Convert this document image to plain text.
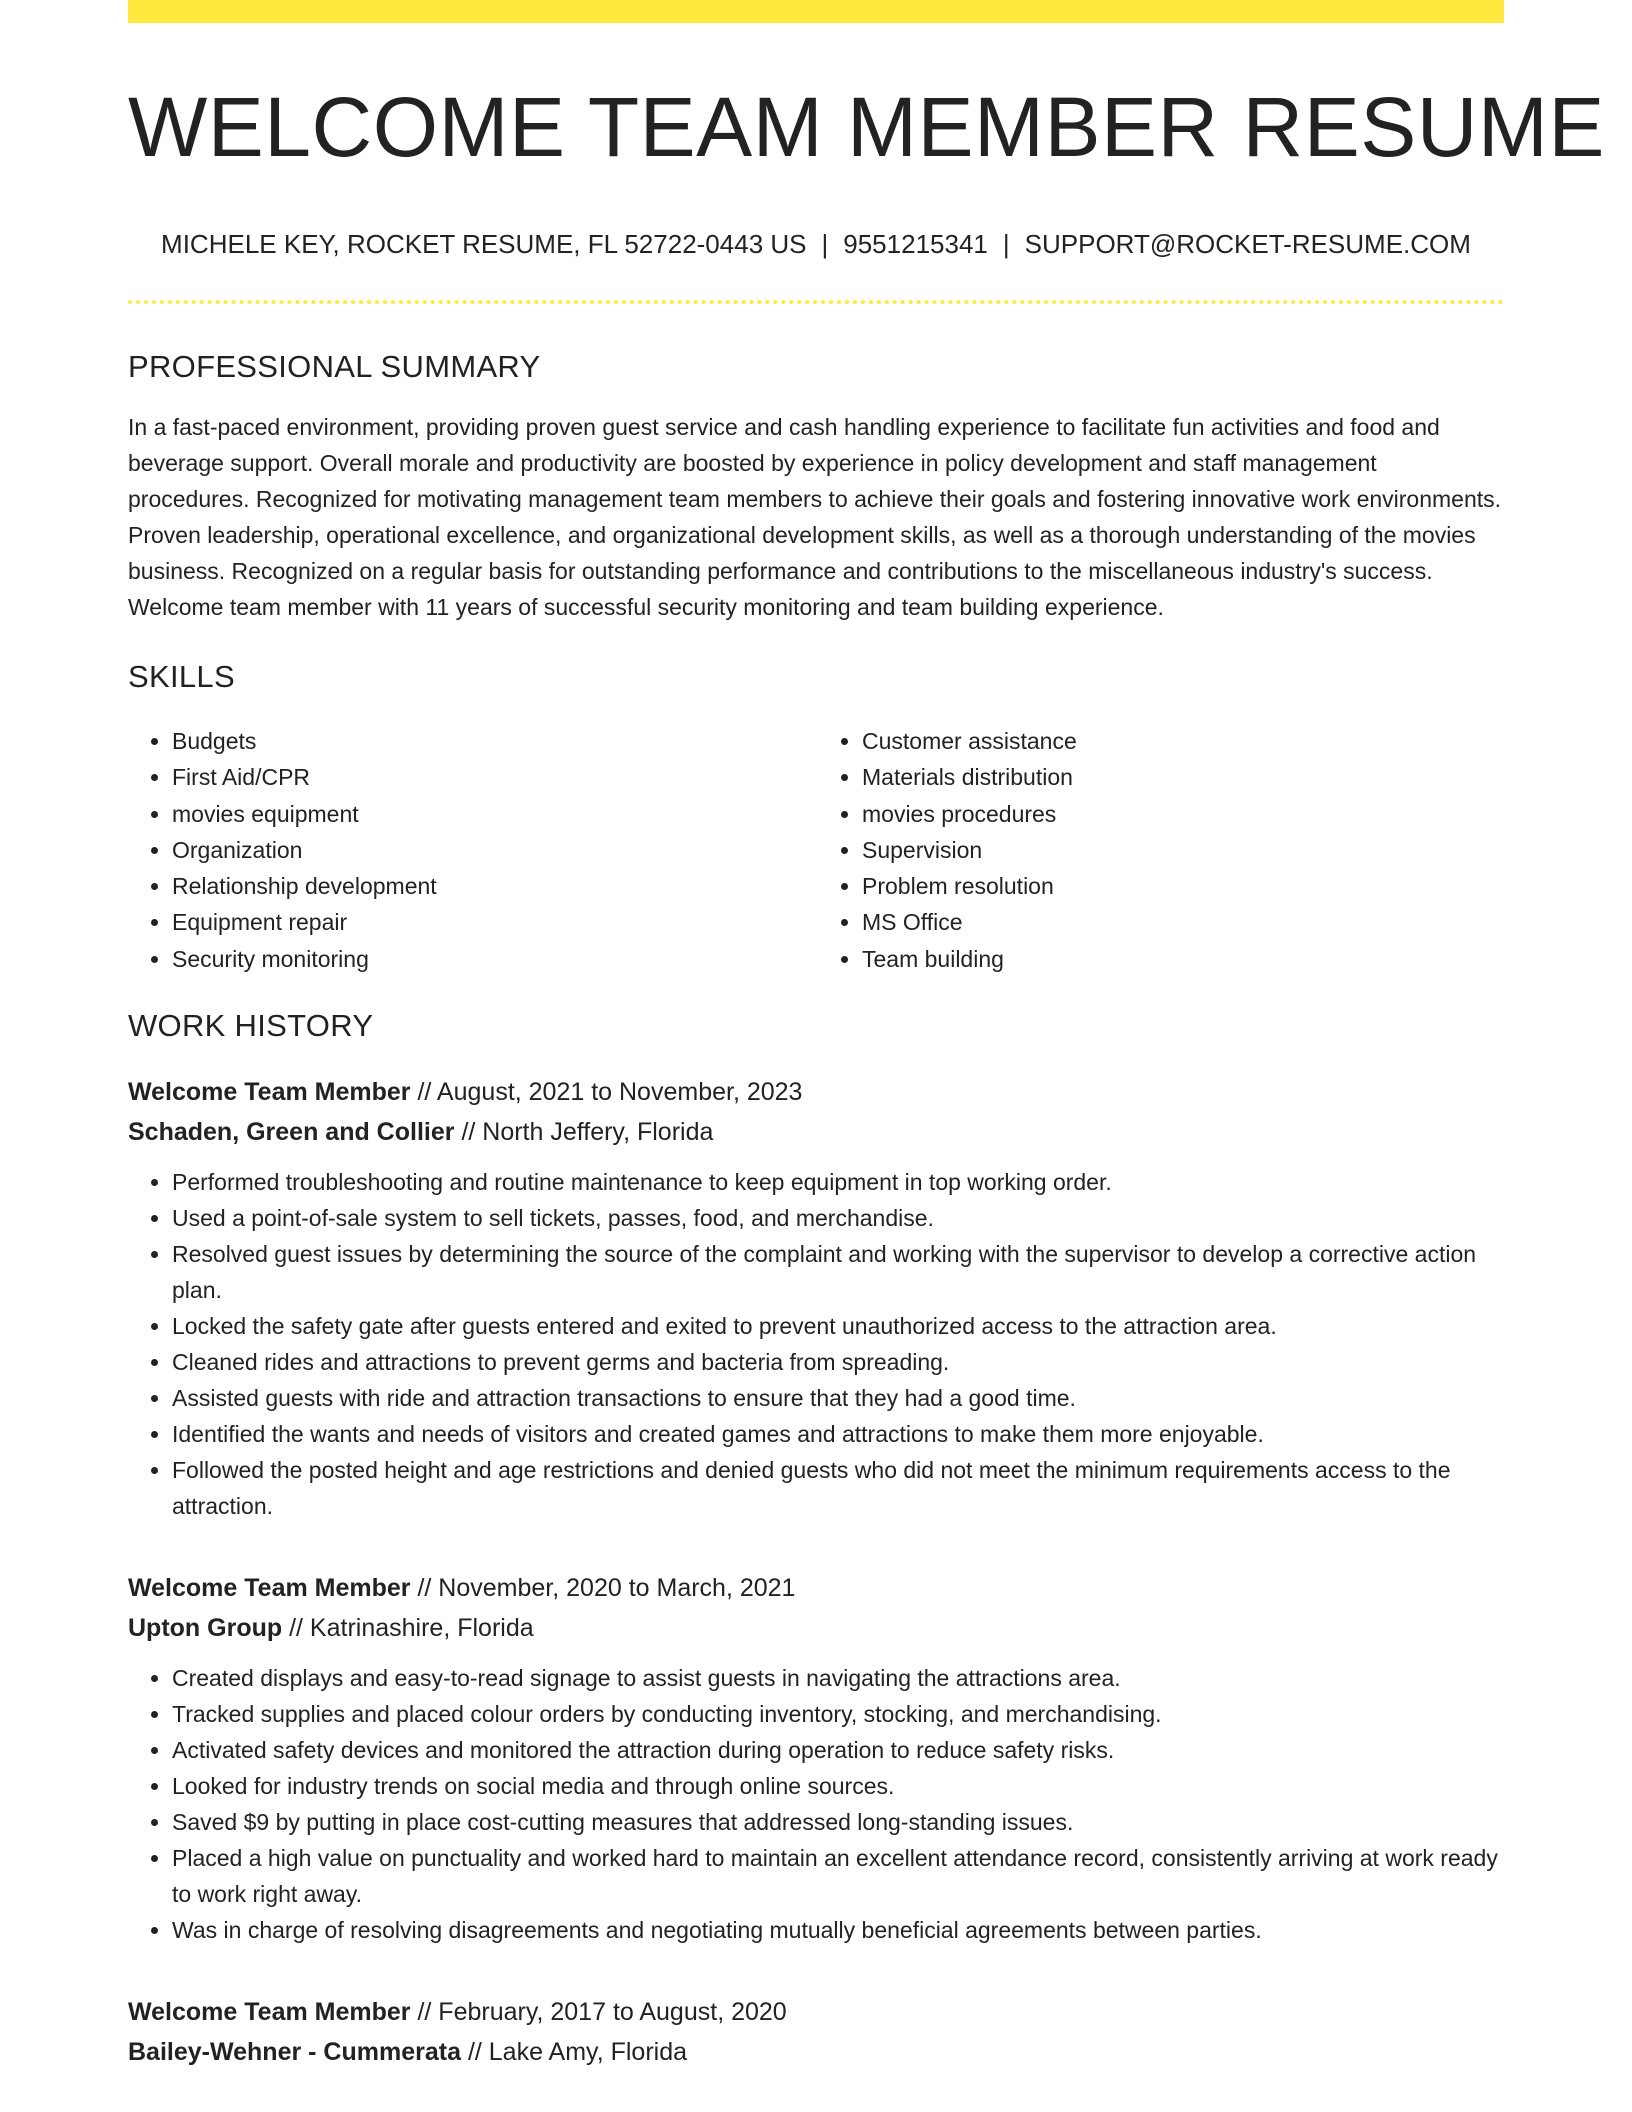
WELCOME TEAM MEMBER RESUME
MICHELE KEY, ROCKET RESUME, FL 52722-0443 US | 9551215341 | SUPPORT@ROCKET-RESUME.COM
PROFESSIONAL SUMMARY

In a fast-paced environment, providing proven guest service and cash handling experience to facilitate fun activities and food and beverage support. Overall morale and productivity are boosted by experience in policy development and staff management procedures. Recognized for motivating management team members to achieve their goals and fostering innovative work environments. Proven leadership, operational excellence, and organizational development skills, as well as a thorough understanding of the movies business. Recognized on a regular basis for outstanding performance and contributions to the miscellaneous industry's success. Welcome team member with 11 years of successful security monitoring and team building experience.

SKILLS
• Budgets
• First Aid/CPR
• movies equipment
• Organization
• Relationship development
• Equipment repair
• Security monitoring
• Customer assistance
• Materials distribution
• movies procedures
• Supervision
• Problem resolution
• MS Office
• Team building
WORK HISTORY
Welcome Team Member // August, 2021 to November, 2023
Schaden, Green and Collier // North Jeffery, Florida
• Performed troubleshooting and routine maintenance to keep equipment in top working order.
• Used a point-of-sale system to sell tickets, passes, food, and merchandise.
• Resolved guest issues by determining the source of the complaint and working with the supervisor to develop a corrective action plan.
• Locked the safety gate after guests entered and exited to prevent unauthorized access to the attraction area.
• Cleaned rides and attractions to prevent germs and bacteria from spreading.
• Assisted guests with ride and attraction transactions to ensure that they had a good time.
• Identified the wants and needs of visitors and created games and attractions to make them more enjoyable.
• Followed the posted height and age restrictions and denied guests who did not meet the minimum requirements access to the attraction.
Welcome Team Member // November, 2020 to March, 2021
Upton Group // Katrinashire, Florida
• Created displays and easy-to-read signage to assist guests in navigating the attractions area.
• Tracked supplies and placed colour orders by conducting inventory, stocking, and merchandising.
• Activated safety devices and monitored the attraction during operation to reduce safety risks.
• Looked for industry trends on social media and through online sources.
• Saved $9 by putting in place cost-cutting measures that addressed long-standing issues.
• Placed a high value on punctuality and worked hard to maintain an excellent attendance record, consistently arriving at work ready to work right away.
• Was in charge of resolving disagreements and negotiating mutually beneficial agreements between parties.
Welcome Team Member // February, 2017 to August, 2020
Bailey-Wehner - Cummerata // Lake Amy, Florida
